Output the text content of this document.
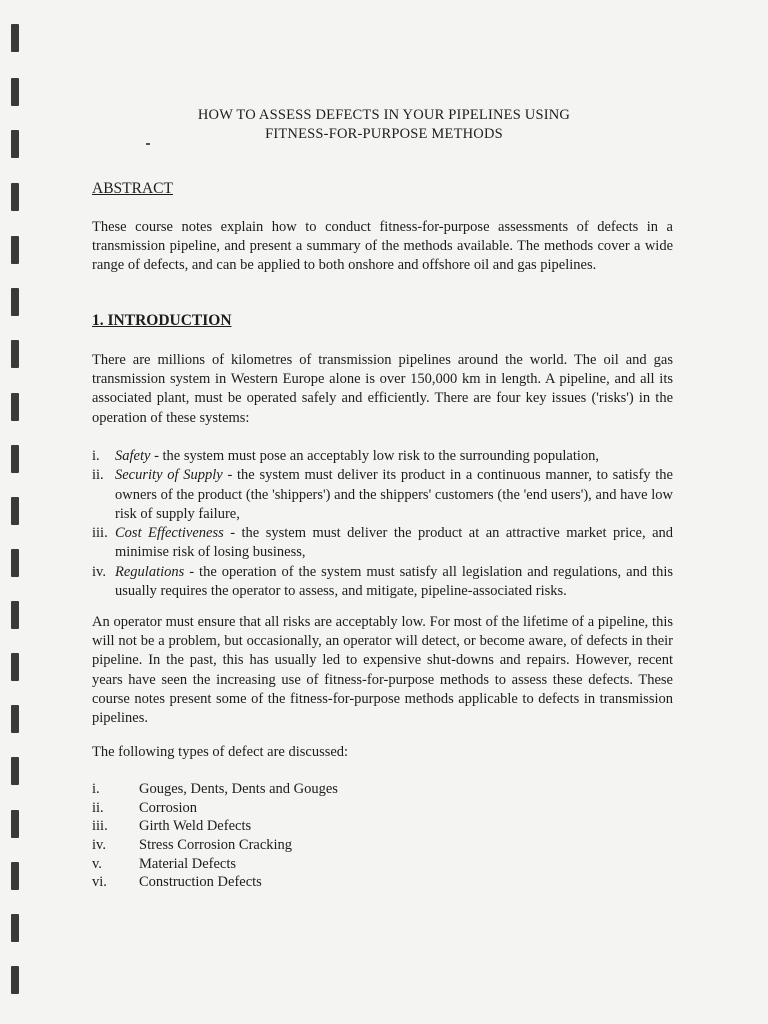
HOW TO ASSESS DEFECTS IN YOUR PIPELINES USING
FITNESS-FOR-PURPOSE METHODS
ABSTRACT
These course notes explain how to conduct fitness-for-purpose assessments of defects in a transmission pipeline, and present a summary of the methods available. The methods cover a wide range of defects, and can be applied to both onshore and offshore oil and gas pipelines.
1. INTRODUCTION
There are millions of kilometres of transmission pipelines around the world. The oil and gas transmission system in Western Europe alone is over 150,000 km in length. A pipeline, and all its associated plant, must be operated safely and efficiently. There are four key issues ('risks') in the operation of these systems:
i. Safety - the system must pose an acceptably low risk to the surrounding population,
ii. Security of Supply - the system must deliver its product in a continuous manner, to satisfy the owners of the product (the 'shippers') and the shippers' customers (the 'end users'), and have low risk of supply failure,
iii. Cost Effectiveness - the system must deliver the product at an attractive market price, and minimise risk of losing business,
iv. Regulations - the operation of the system must satisfy all legislation and regulations, and this usually requires the operator to assess, and mitigate, pipeline-associated risks.
An operator must ensure that all risks are acceptably low. For most of the lifetime of a pipeline, this will not be a problem, but occasionally, an operator will detect, or become aware, of defects in their pipeline. In the past, this has usually led to expensive shut-downs and repairs. However, recent years have seen the increasing use of fitness-for-purpose methods to assess these defects. These course notes present some of the fitness-for-purpose methods applicable to defects in transmission pipelines.
The following types of defect are discussed:
i.	Gouges, Dents, Dents and Gouges
ii. Corrosion
iii. Girth Weld Defects
iv. Stress Corrosion Cracking
v.	Material Defects
vi. Construction Defects
